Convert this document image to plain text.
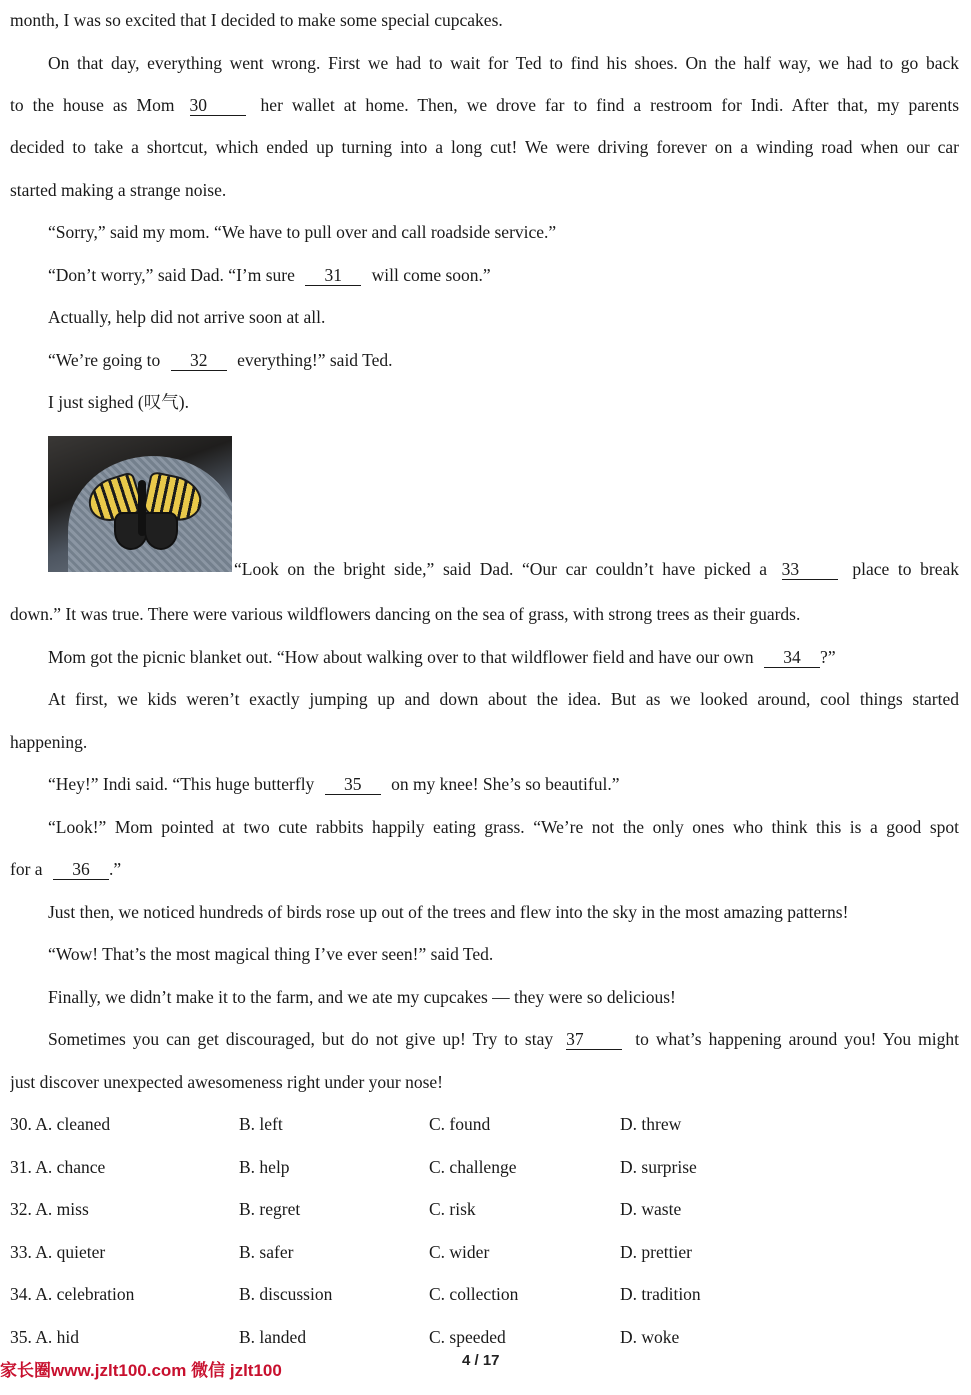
month, I was so excited that I decided to make some special cupcakes.
On that day, everything went wrong. First we had to wait for Ted to find his shoes. On the half way, we had to go back
to the house as Mom 30	her wallet at home. Then, we drove far to find a restroom for Indi. After that, my parents
decided to take a shortcut, which ended up turning into a long cut! We were driving forever on a winding road when our car
started making a strange noise.
“Sorry,” said my mom. “We have to pull over and call roadside service.”
“Don’t worry,” said Dad. “I’m sure 31 will come soon.”
Actually, help did not arrive soon at all.
“We’re going to 32 everything!” said Ted.
I just sighed (叹气).
“Look on the bright side,” said Dad. “Our car couldn’t have picked a 33	place to break
down.” It was true. There were various wildflowers dancing on the sea of grass, with strong trees as their guards.
Mom got the picnic blanket out. “How about walking over to that wildflower field and have our own 34 ?”
At first, we kids weren’t exactly jumping up and down about the idea. But as we looked around, cool things started
happening.
“Hey!” Indi said. “This huge butterfly 35 on my knee! She’s so beautiful.”
“Look!” Mom pointed at two cute rabbits happily eating grass. “We’re not the only ones who think this is a good spot
for a 36 .”
Just then, we noticed hundreds of birds rose up out of the trees and flew into the sky in the most amazing patterns!
“Wow! That’s the most magical thing I’ve ever seen!” said Ted.
Finally, we didn’t make it to the farm, and we ate my cupcakes — they were so delicious!
Sometimes you can get discouraged, but do not give up! Try to stay 37	to what’s happening around you! You might
just discover unexpected awesomeness right under your nose!
30. A. cleaned	B. left	C. found	D. threw
31. A. chance	B. help	C. challenge	D. surprise
32. A. miss	B. regret	C. risk	D. waste
33. A. quieter	B. safer	C. wider	D. prettier
34. A. celebration	B. discussion	C. collection	D. tradition
35. A. hid	B. landed	C. speeded	D. woke
家长圈www.jzlt100.com 微信 jzlt100
4 / 17
